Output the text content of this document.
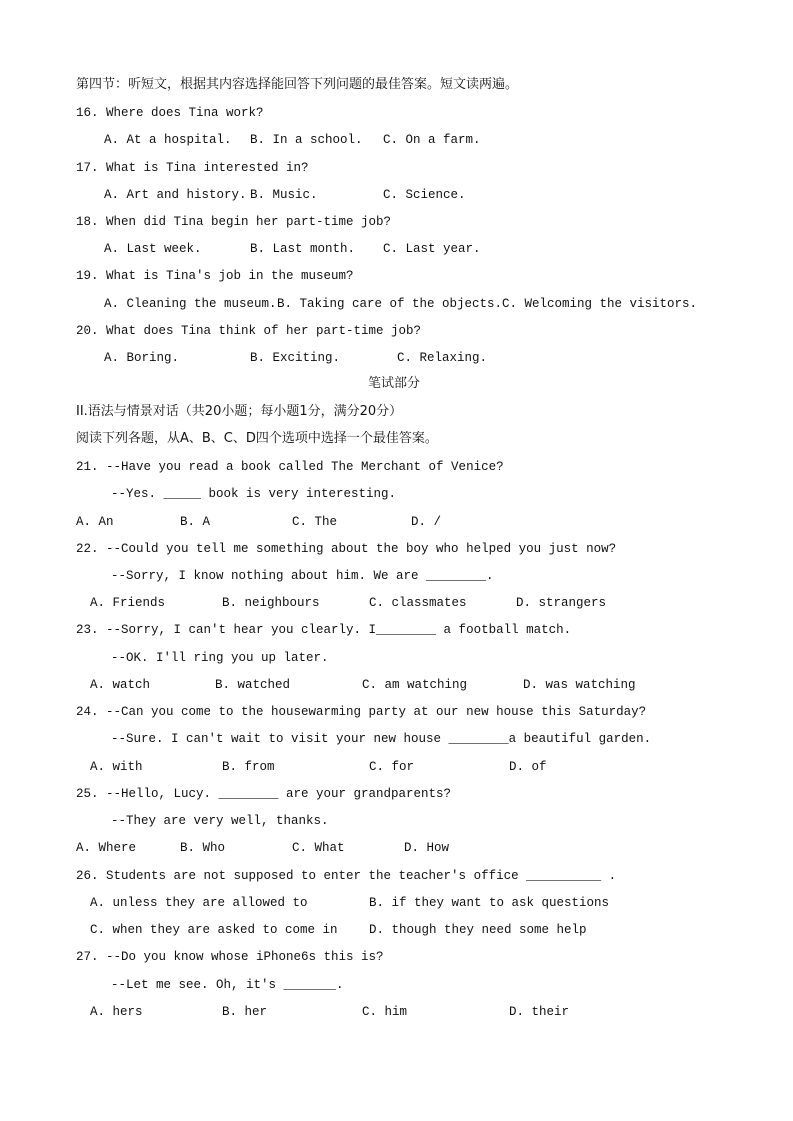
第四节：听短文，根据其内容选择能回答下列问题的最佳答案。短文读两遍。
16. Where does Tina work?
A. At a hospital. B. In a school. C. On a farm.
17. What is Tina interested in?
A. Art and history. B. Music.	C. Science.
18. When did Tina begin her part-time job?
A. Last week.	B. Last month. C. Last year.
19. What is Tina's job in the museum?
A. Cleaning the museum. B. Taking care of the objects. C. Welcoming the visitors.
20. What does Tina think of her part-time job?
A. Boring.	B. Exciting.	C. Relaxing.
笔试部分
II.语法与情景对话（共20小题；每小题1分，满分20分）
阅读下列各题，从A、B、C、D四个选项中选择一个最佳答案。
21. --Have you read a book called The Merchant of Venice?
--Yes. _____ book is very interesting.
A. An	B. A	C. The	D. /
22. --Could you tell me something about the boy who helped you just now?
--Sorry, I know nothing about him. We are ________.
A. Friends	B. neighbours	C. classmates	D. strangers
23. --Sorry, I can't hear you clearly. I________ a football match.
--OK. I'll ring you up later.
A. watch	B. watched	C. am watching	D. was watching
24. --Can you come to the housewarming party at our new house this Saturday?
--Sure. I can't wait to visit your new house ________a beautiful garden.
A. with	B. from	C. for	D. of
25. --Hello, Lucy. ________ are your grandparents?
--They are very well, thanks.
A. Where	B. Who	C. What	D. How
26. Students are not supposed to enter the teacher's office __________ .
A. unless they are allowed to	B. if they want to ask questions
C. when they are asked to come in	D. though they need some help
27. --Do you know whose iPhone6s this is?
--Let me see. Oh, it's _______.
A. hers	B. her	C. him	D. their
